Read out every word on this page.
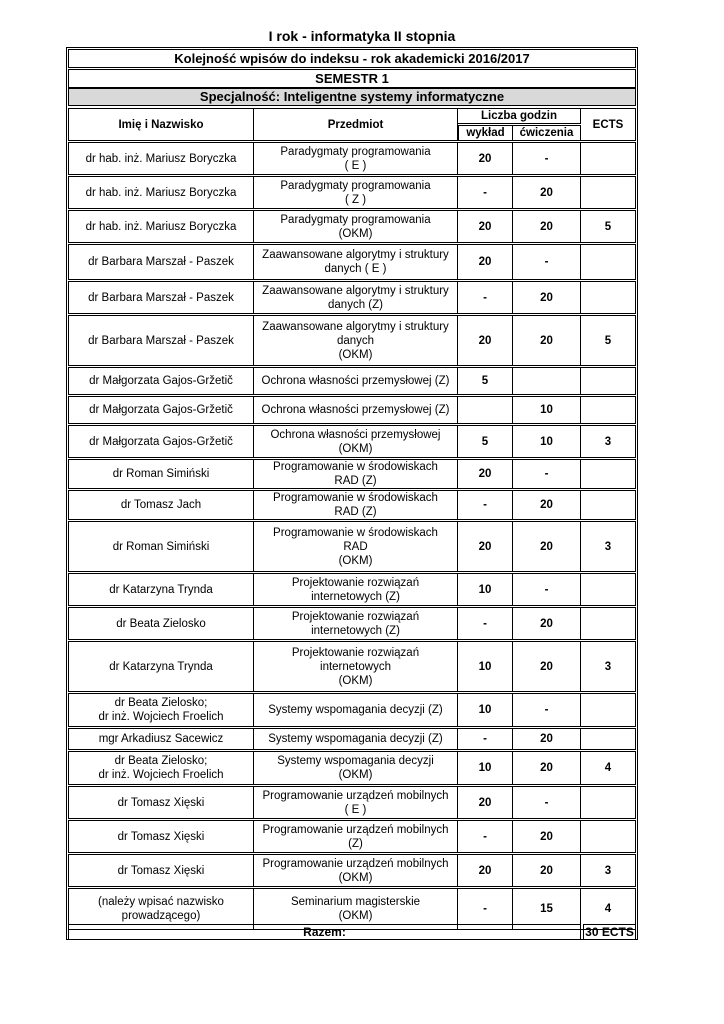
I rok - informatyka II stopnia
Kolejność wpisów do indeksu - rok akademicki 2016/2017
SEMESTR 1
Specjalność: Inteligentne systemy informatyczne
Imię i Nazwisko	Przedmiot	Liczba godzin		ECTS
		wykład	ćwiczenia	
dr hab. inż. Mariusz Boryczka	Paradygmaty programowania
( E )	20	-	
dr hab. inż. Mariusz Boryczka	Paradygmaty programowania
( Z )	-	20	
dr hab. inż. Mariusz Boryczka	Paradygmaty programowania
(OKM)	20	20	5
dr Barbara Marszał - Paszek	Zaawansowane algorytmy i struktury
danych ( E )	20	-	
dr Barbara Marszał - Paszek	Zaawansowane algorytmy i struktury
danych (Z)	-	20	
dr Barbara Marszał - Paszek	Zaawansowane algorytmy i struktury
danych
(OKM)	20	20	5
dr Małgorzata Gajos-Gržetič	Ochrona własności przemysłowej (Z)	5		
dr Małgorzata Gajos-Gržetič	Ochrona własności przemysłowej (Z)		10	
dr Małgorzata Gajos-Gržetič	Ochrona własności przemysłowej
(OKM)	5	10	3
dr Roman Simiński	Programowanie w środowiskach
RAD (Z)	20	-	
dr Tomasz Jach	Programowanie w środowiskach
RAD (Z)	-	20	
dr Roman Simiński	Programowanie w środowiskach
RAD
(OKM)	20	20	3
dr Katarzyna Trynda	Projektowanie rozwiązań
internetowych (Z)	10	-	
dr Beata Zielosko	Projektowanie rozwiązań
internetowych (Z)	-	20	
dr Katarzyna Trynda	Projektowanie rozwiązań
internetowych
(OKM)	10	20	3
dr Beata Zielosko;
dr inż. Wojciech Froelich	Systemy wspomagania decyzji (Z)	10	-	
mgr Arkadiusz Sacewicz	Systemy wspomagania decyzji (Z)	-	20	
dr Beata Zielosko;
dr inż. Wojciech Froelich	Systemy wspomagania decyzji
(OKM)	10	20	4
dr Tomasz Xięski	Programowanie urządzeń mobilnych
( E )	20	-	
dr Tomasz Xięski	Programowanie urządzeń mobilnych
(Z)	-	20	
dr Tomasz Xięski	Programowanie urządzeń mobilnych
(OKM)	20	20	3
(należy wpisać nazwisko
prowadzącego)	Seminarium magisterskie
(OKM)	-	15	4
Razem:	30 ECTS
